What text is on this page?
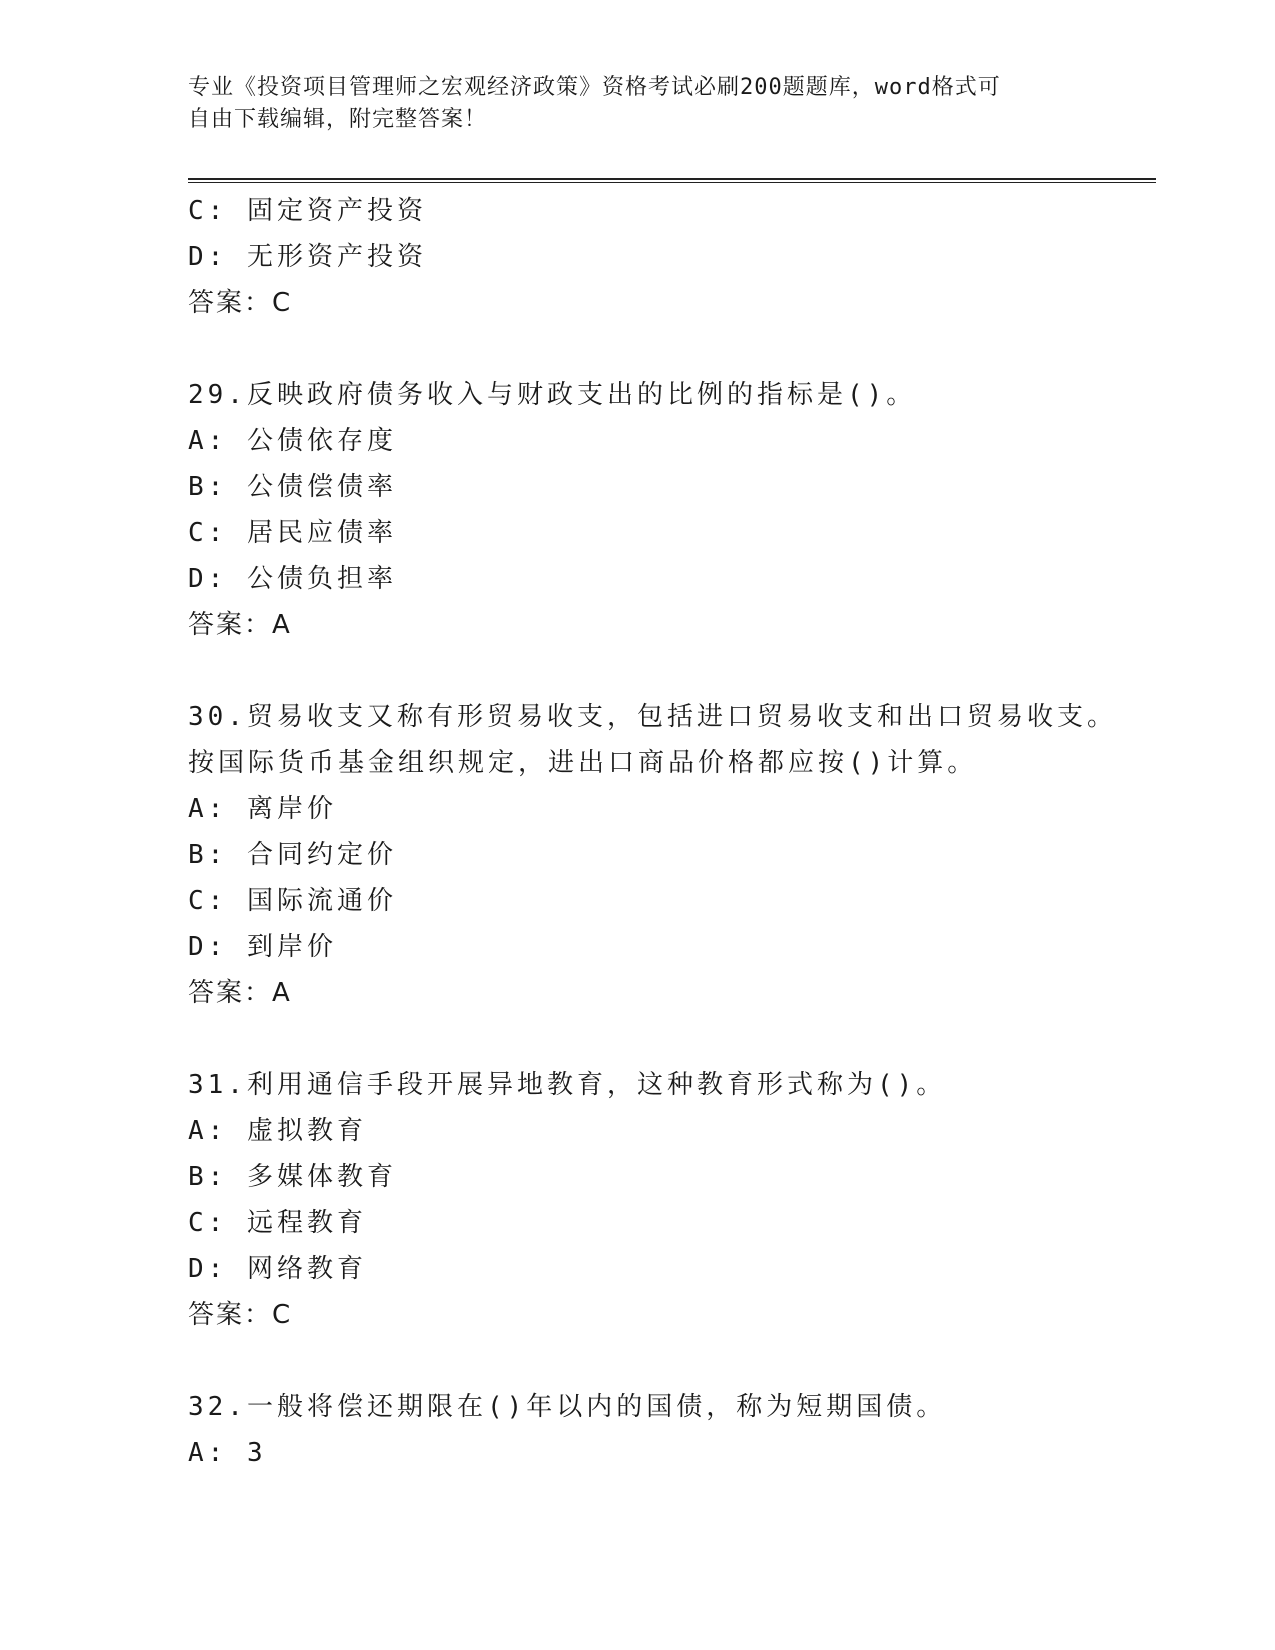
专业《投资项目管理师之宏观经济政策》资格考试必刷200题题库，word格式可

自由下载编辑，附完整答案！

C: 固定资产投资
D: 无形资产投资
答案：C
29.反映政府债务收入与财政支出的比例的指标是()。
A: 公债依存度
B: 公债偿债率
C: 居民应债率
D: 公债负担率
答案：A
30.贸易收支又称有形贸易收支，包括进口贸易收支和出口贸易收支。
按国际货币基金组织规定，进出口商品价格都应按()计算。
A: 离岸价
B: 合同约定价
C: 国际流通价
D: 到岸价
答案：A
31.利用通信手段开展异地教育，这种教育形式称为()。
A: 虚拟教育
B: 多媒体教育
C: 远程教育
D: 网络教育
答案：C
32.一般将偿还期限在()年以内的国债，称为短期国债。
A: 3
